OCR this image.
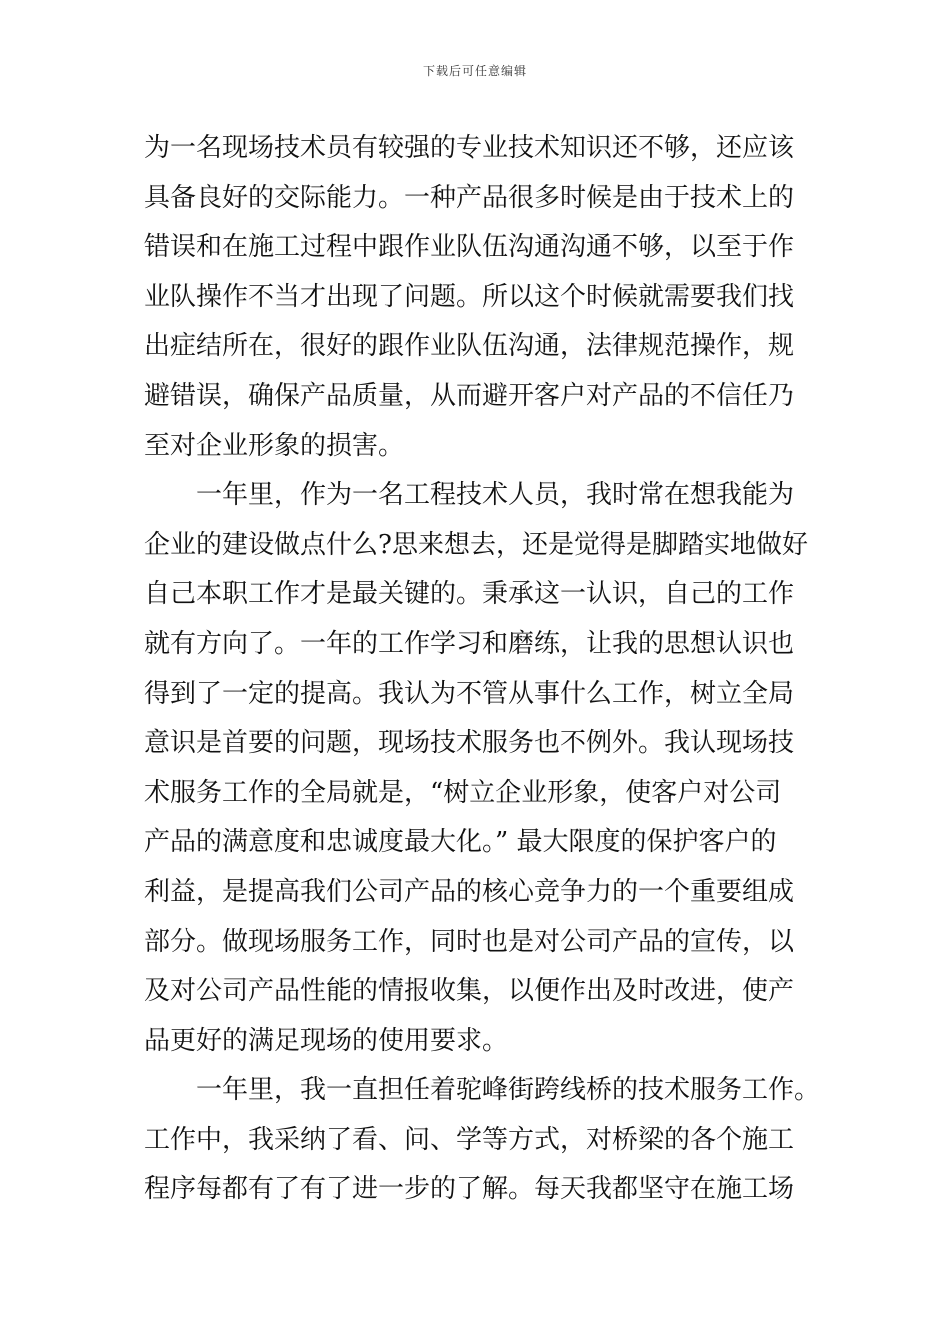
下载后可任意编辑
为一名现场技术员有较强的专业技术知识还不够，还应该
具备良好的交际能力。一种产品很多时候是由于技术上的
错误和在施工过程中跟作业队伍沟通沟通不够，以至于作
业队操作不当才出现了问题。所以这个时候就需要我们找
出症结所在，很好的跟作业队伍沟通，法律规范操作，规
避错误，确保产品质量，从而避开客户对产品的不信任乃
至对企业形象的损害。
　　一年里，作为一名工程技术人员，我时常在想我能为
企业的建设做点什么?思来想去，还是觉得是脚踏实地做好
自己本职工作才是最关键的。秉承这一认识，自己的工作
就有方向了。一年的工作学习和磨练，让我的思想认识也
得到了一定的提高。我认为不管从事什么工作，树立全局
意识是首要的问题，现场技术服务也不例外。我认现场技
术服务工作的全局就是，“树立企业形象，使客户对公司
产品的满意度和忠诚度最大化。” 最大限度的保护客户的
利益，是提高我们公司产品的核心竞争力的一个重要组成
部分。做现场服务工作，同时也是对公司产品的宣传，以
及对公司产品性能的情报收集，以便作出及时改进，使产
品更好的满足现场的使用要求。
　　一年里，我一直担任着驼峰街跨线桥的技术服务工作。
工作中，我采纳了看、问、学等方式，对桥梁的各个施工
程序每都有了有了进一步的了解。每天我都坚守在施工场
